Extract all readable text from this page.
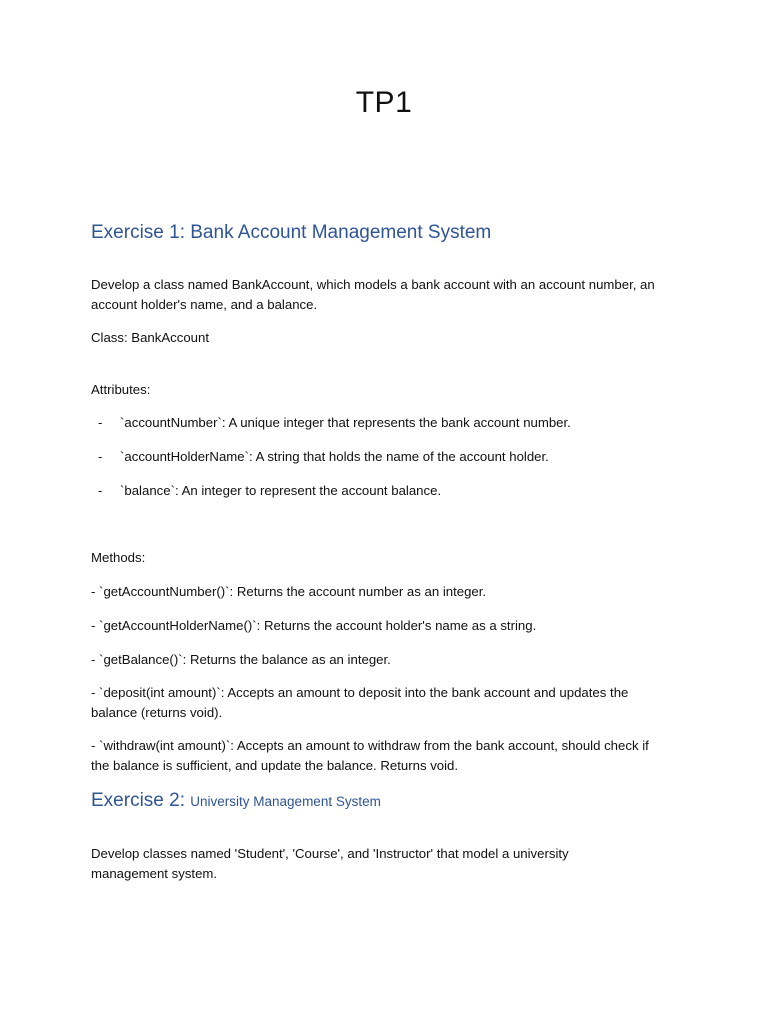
TP1
Exercise 1: Bank Account Management System
Develop a class named BankAccount, which models a bank account with an account number, an account holder's name, and a balance.
Class: BankAccount
Attributes:
- `accountNumber`: A unique integer that represents the bank account number.
- `accountHolderName`: A string that holds the name of the account holder.
- `balance`: An integer to represent the account balance.
Methods:
- `getAccountNumber()`: Returns the account number as an integer.
- `getAccountHolderName()`: Returns the account holder's name as a string.
- `getBalance()`: Returns the balance as an integer.
- `deposit(int amount)`: Accepts an amount to deposit into the bank account and updates the balance (returns void).
- `withdraw(int amount)`: Accepts an amount to withdraw from the bank account, should check if the balance is sufficient, and update the balance. Returns void.
Exercise 2: University Management System
Develop classes named 'Student', 'Course', and 'Instructor' that model a university management system.
